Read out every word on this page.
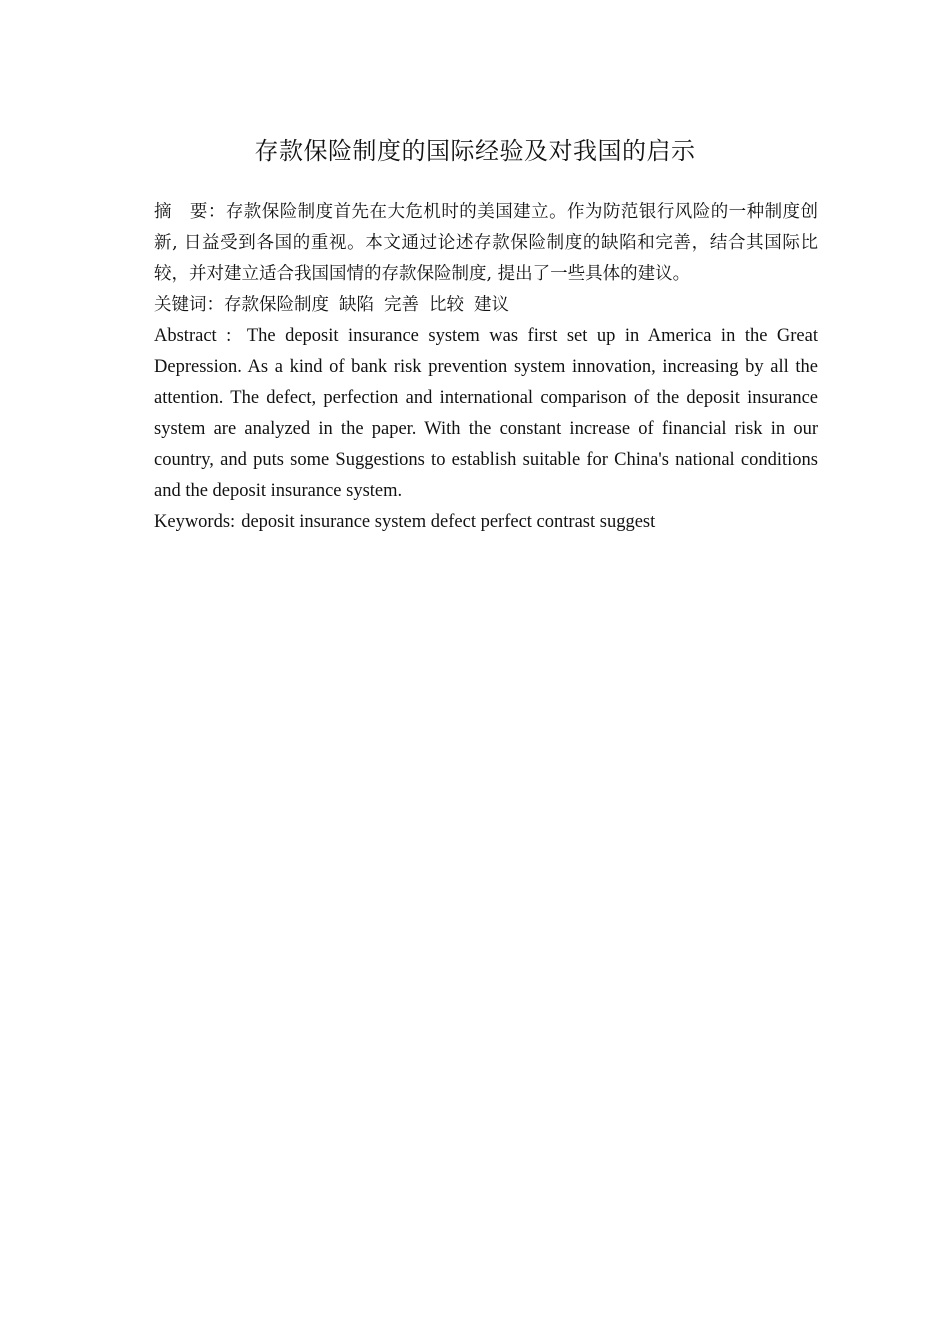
存款保险制度的国际经验及对我国的启示

摘　要：存款保险制度首先在大危机时的美国建立。作为防范银行风险的一种制度创新, 日益受到各国的重视。本文通过论述存款保险制度的缺陷和完善，结合其国际比较，并对建立适合我国国情的存款保险制度, 提出了一些具体的建议。

关键词：存款保险制度 缺陷 完善 比较 建议

Abstract : The deposit insurance system was first set up in America in the Great Depression. As a kind of bank risk prevention system innovation, increasing by all the attention. The defect, perfection and international comparison of the deposit insurance system are analyzed in the paper. With the constant increase of financial risk in our country, and puts some Suggestions to establish suitable for China's national conditions and the deposit insurance system.

Keywords: deposit insurance system defect perfect contrast suggest
